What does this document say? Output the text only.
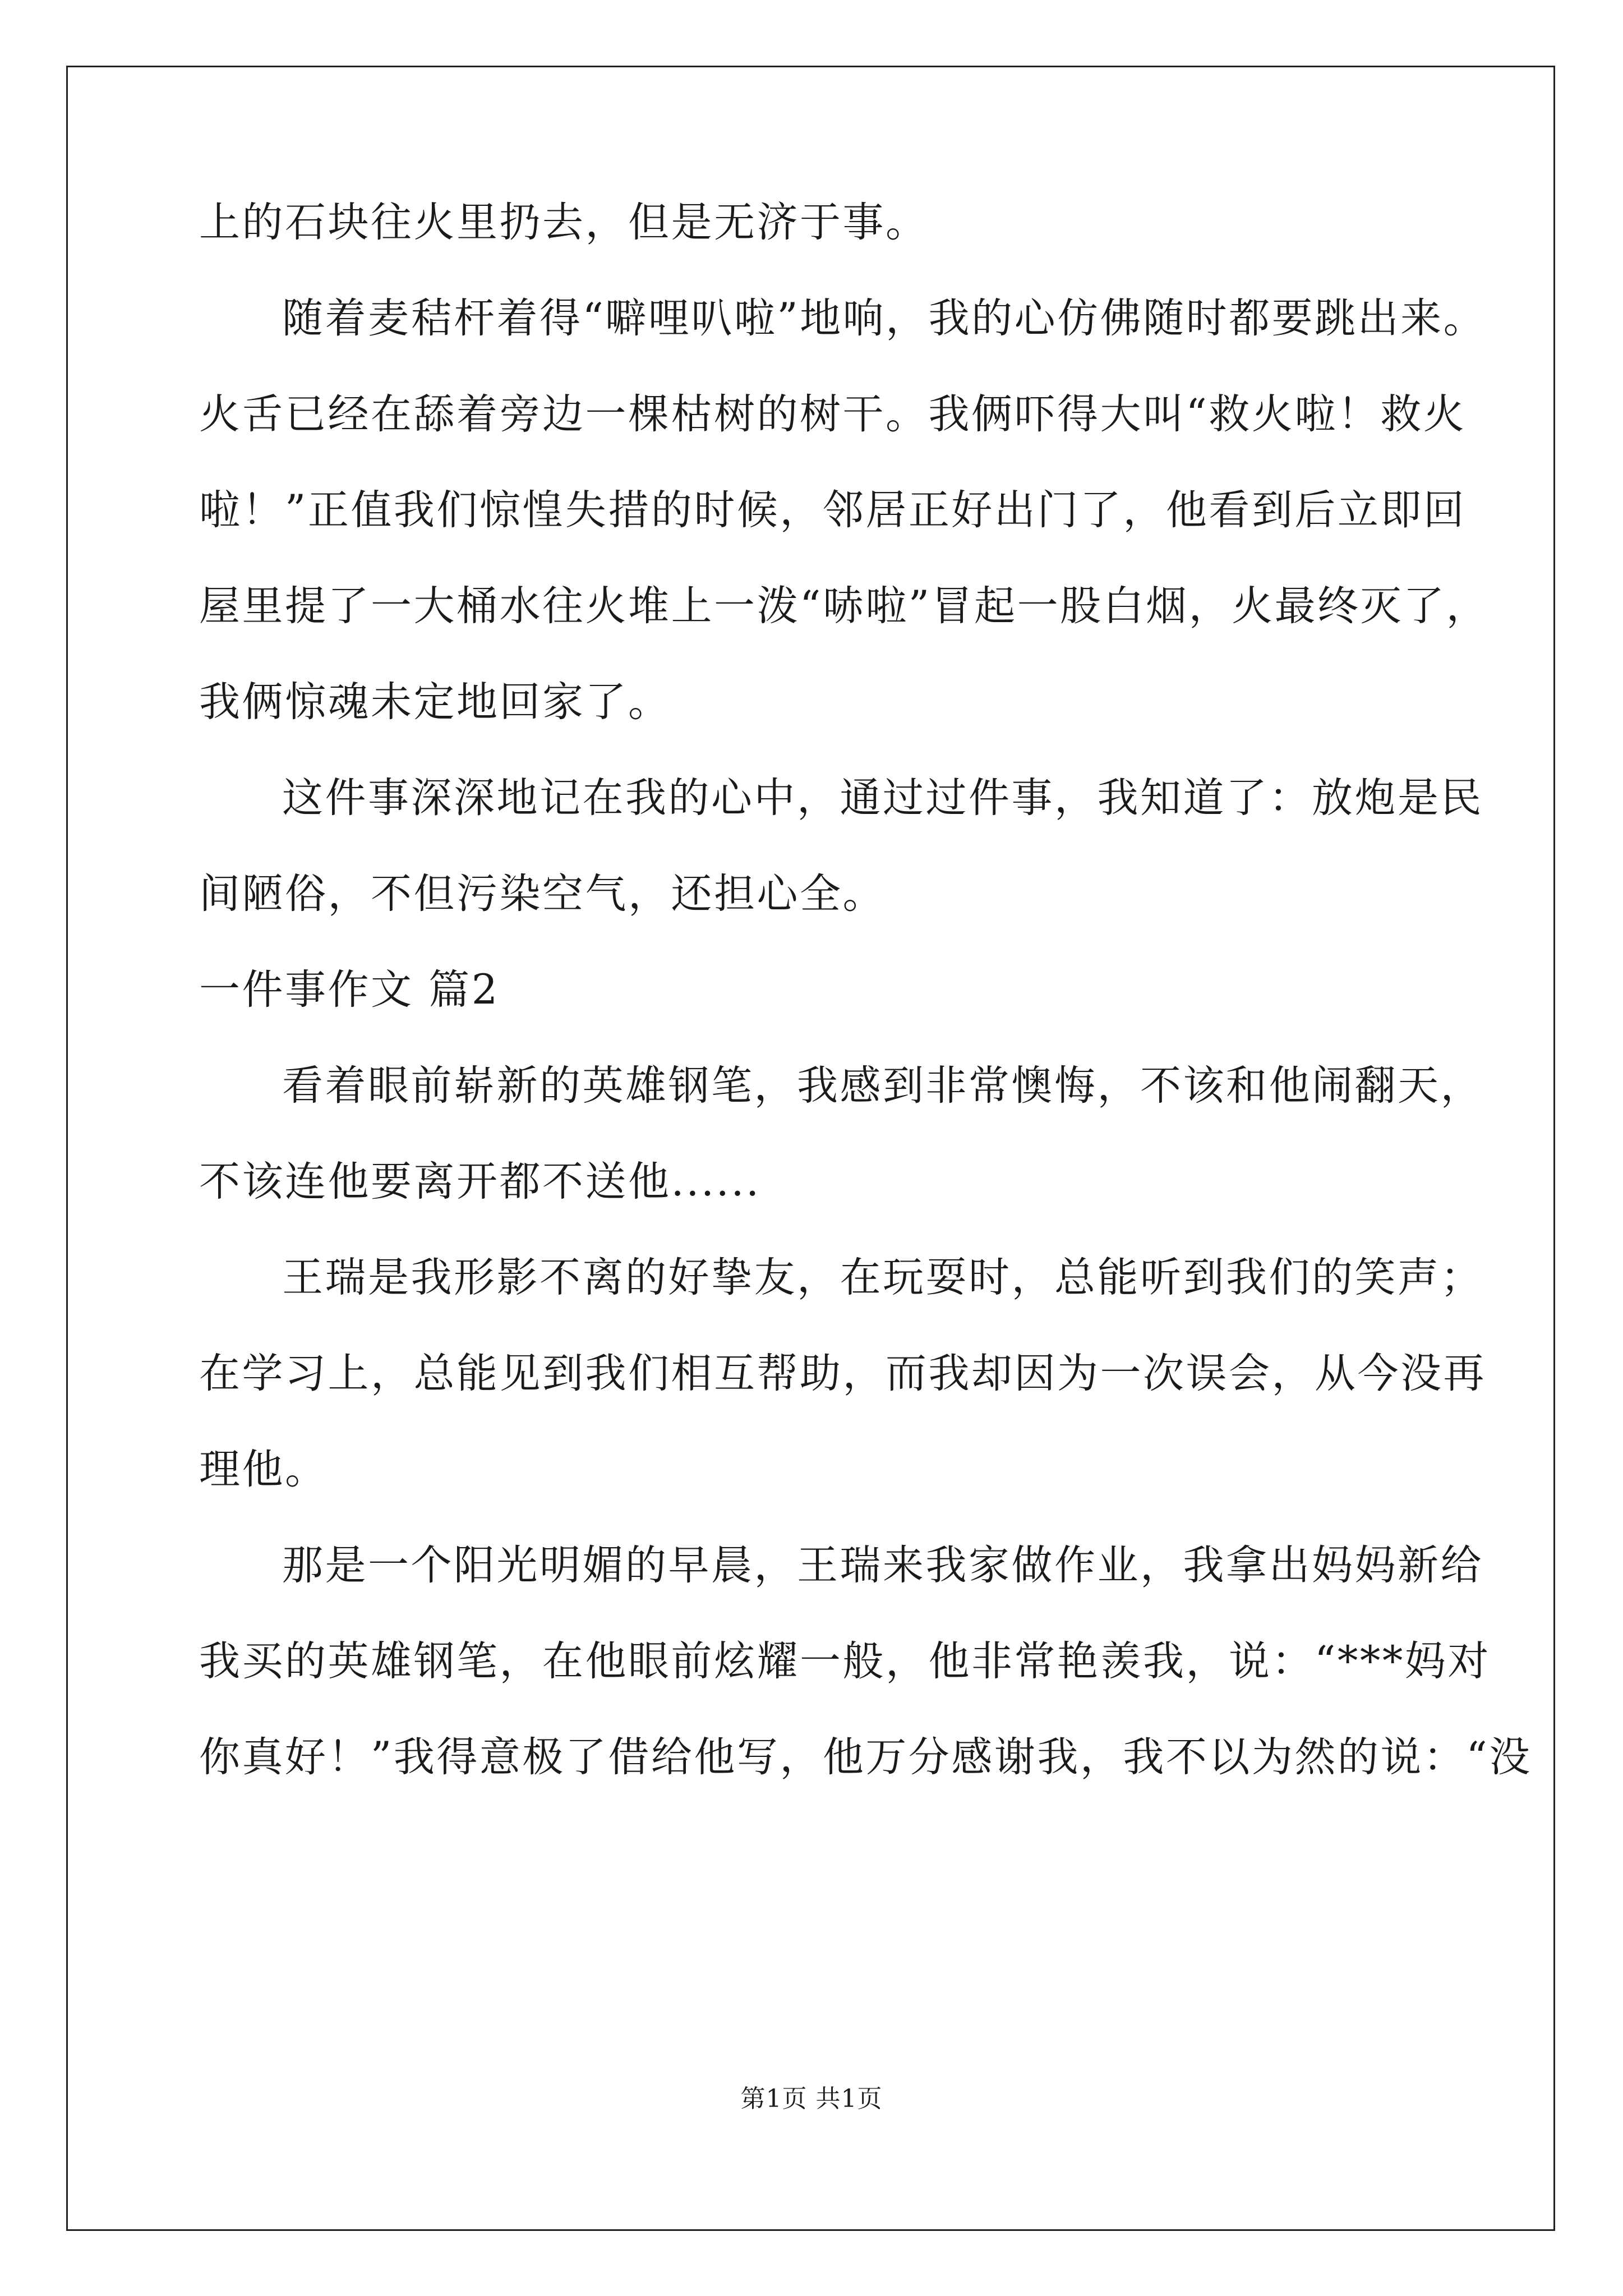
上的石块往火里扔去，但是无济于事。

随着麦秸杆着得“噼哩叭啦”地响，我的心仿佛随时都要跳出来。

火舌已经在舔着旁边一棵枯树的树干。我俩吓得大叫“救火啦！救火

啦！”正值我们惊惶失措的时候，邻居正好出门了，他看到后立即回

屋里提了一大桶水往火堆上一泼“哧啦”冒起一股白烟，火最终灭了，

我俩惊魂未定地回家了。

这件事深深地记在我的心中，通过过件事，我知道了：放炮是民

间陋俗，不但污染空气，还担心全。

一件事作文 篇2

看着眼前崭新的英雄钢笔，我感到非常懊悔，不该和他闹翻天，

不该连他要离开都不送他......

王瑞是我形影不离的好挚友，在玩耍时，总能听到我们的笑声；

在学习上，总能见到我们相互帮助，而我却因为一次误会，从今没再

理他。

那是一个阳光明媚的早晨，王瑞来我家做作业，我拿出妈妈新给

我买的英雄钢笔，在他眼前炫耀一般，他非常艳羡我，说：“***妈对

你真好！”我得意极了借给他写，他万分感谢我，我不以为然的说：“没

第1页 共1页
